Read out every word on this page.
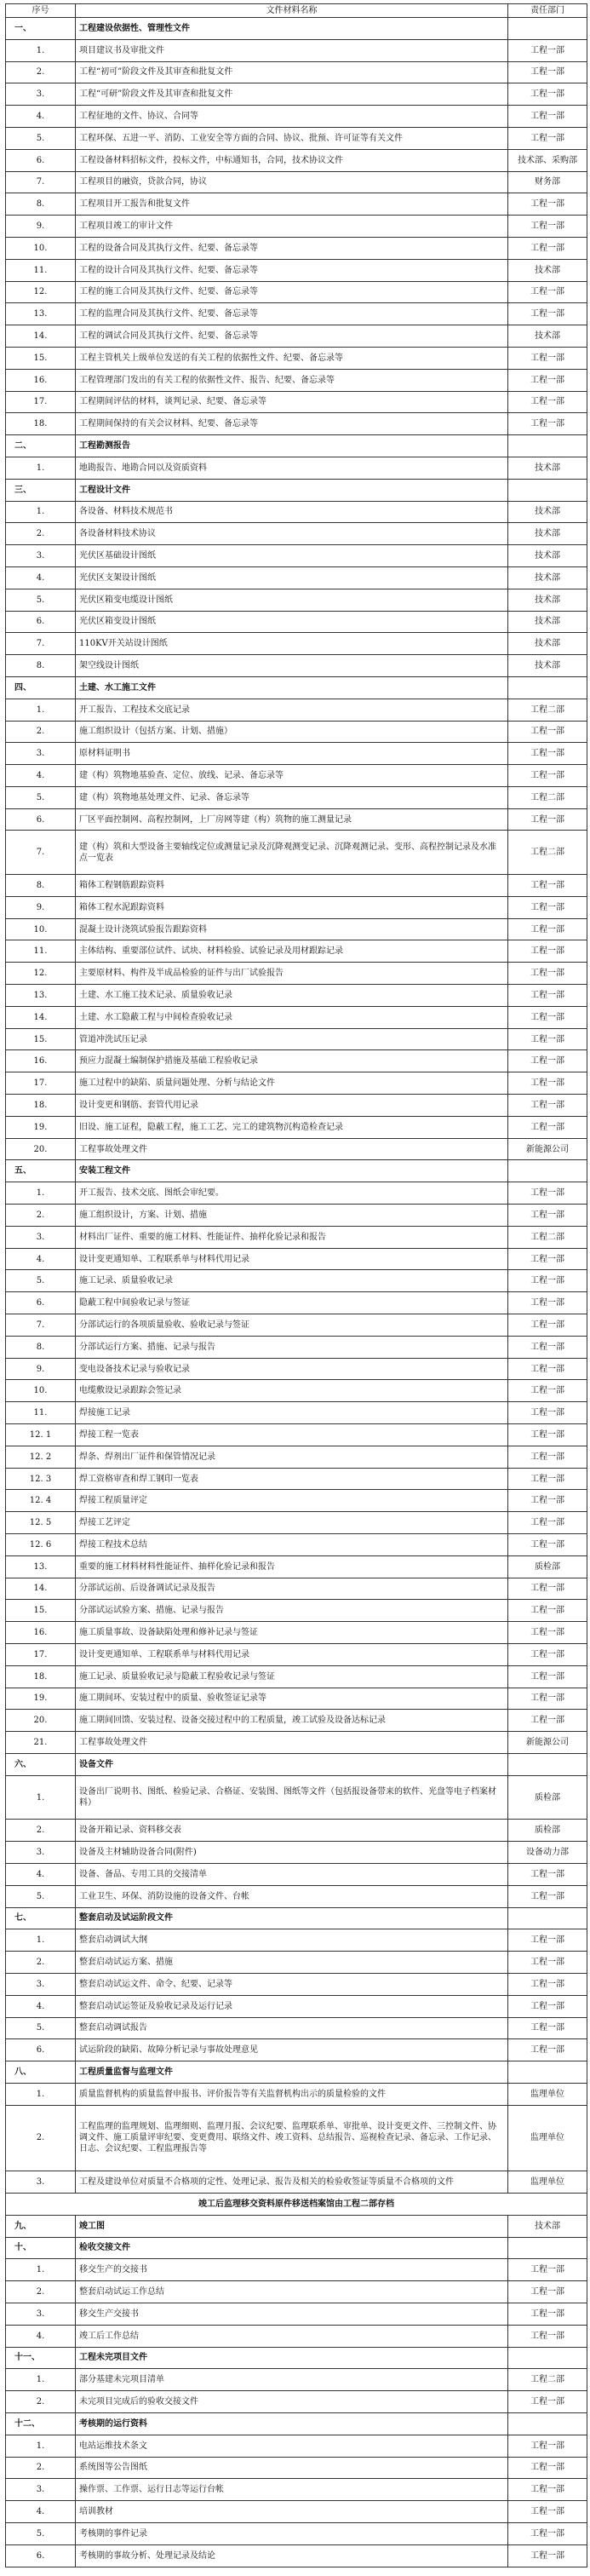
序号	文件材料名称	责任部门
一、	工程建设依据性、管理性文件	
1.	项目建议书及审批文件	工程一部
2.	工程“初可”阶段文件及其审查和批复文件	工程一部
3.	工程“可研”阶段文件及其审查和批复文件	工程一部
4.	工程征地的文件、协议、合同等	工程一部
5.	工程环保、五进一平、消防、工业安全等方面的合同、协议、批预、许可证等有关文件	工程一部
6.	工程设备材料招标文件，投标文件，中标通知书，合同，技术协议文件	技术部、采购部
7.	工程项目的融资，贷款合同，协议	财务部
8.	工程项目开工报告和批复文件	工程一部
9.	工程项目竣工的审计文件	工程一部
10.	工程的设备合同及其执行文件、纪要、备忘录等	工程一部
11.	工程的设计合同及其执行文件、纪要、备忘录等	技术部
12.	工程的施工合同及其执行文件、纪要、备忘录等	工程一部
13.	工程的监理合同及其执行文件、纪要、备忘录等	工程一部
14.	工程的调试合同及其执行文件、纪要、备忘录等	技术部
15.	工程主管机关上级单位发送的有关工程的依据性文件、纪要、备忘录等	工程一部
16.	工程管理部门发出的有关工程的依据性文件、报告、纪要、备忘录等	工程一部
17.	工程期间评估的材料，谈判记录、纪要、备忘录等	工程一部
18.	工程期间保持的有关会议材料、纪要、备忘录等	工程一部
二、	工程勘测报告	
1.	地勘报告、地勘合同以及资质资料	技术部
三、	工程设计文件	
1.	各设备、材料技术规范书	技术部
2.	各设备材料技术协议	技术部
3.	光伏区基础设计图纸	技术部
4.	光伏区支架设计图纸	技术部
5.	光伏区箱变电缆设计图纸	技术部
6.	光伏区箱变设计图纸	技术部
7.	110KV开关站设计图纸	技术部
8.	架空线设计图纸	技术部
四、	土建、水工施工文件	
1.	开工报告、工程技术交底记录	工程二部
2.	施工组织设计（包括方案、计划、措施）	工程一部
3.	原材料证明书	工程一部
4.	建（构）筑物地基验查、定位、放线、记录、备忘录等	工程一部
5.	建（构）筑物地基处理文件、记录、备忘录等	工程二部
6.	厂区平面控制网、高程控制网，上厂房网等建（构）筑物的施工测量记录	工程一部
7.	建（构）筑和大型设备主要轴线定位或测量记录及沉降观测变记录、沉降观测记录、变形、高程控制记录及水准点一览表	工程二部
8.	箱体工程钢筋跟踪资料	工程一部
9.	箱体工程水泥跟踪资料	工程一部
10.	混凝土设计浇筑试验报告跟踪资料	工程一部
11.	主体结构、重要部位试件、试块、材料检验、试验记录及用材跟踪记录	工程一部
12.	主要原材料、构件及半成品检验的证件与出厂试验报告	工程一部
13.	土建、水工施工技术记录、质量验收记录	工程一部
14.	土建、水工隐蔽工程与中间检查验收记录	工程一部
15.	管道冲洗试压记录	工程一部
16.	预应力混凝土编制保护措施及基础工程验收记录	工程一部
17.	施工过程中的缺陷、质量问题处理、分析与结论文件	工程一部
18.	设计变更和钢筋、套管代用记录	工程一部
19.	旧设、施工证程，隐蔽工程，施工工艺、完工的建筑物沉构造检查记录	工程一部
20.	工程事故处理文件	新能源公司
五、	安装工程文件	
1.	开工报告、技术交底、图纸会审纪要。	工程一部
2.	施工组织设计，方案、计划、措施	工程一部
3.	材料出厂证件、重要的施工材料、性能证件、抽样化验记录和报告	工程二部
4.	设计变更通知单、工程联系单与材料代用记录	工程一部
5.	施工记录、质量验收记录	工程一部
6.	隐蔽工程中间验收记录与签证	工程一部
7.	分部试运行的各项质量验收、验收记录与签证	工程一部
8.	分部试运行方案、措施、记录与报告	工程一部
9.	变电设备技术记录与验收记录	工程一部
10.	电缆敷设记录跟踪会签记录	工程一部
11.	焊接施工记录	工程一部
12. 1	焊接工程一览表	工程一部
12. 2	焊条、焊剂出厂证件和保管情况记录	工程一部
12. 3	焊工资格审查和焊工钢印一览表	工程一部
12. 4	焊接工程质量评定	工程一部
12. 5	焊接工艺评定	工程一部
12. 6	焊接工程技术总结	工程一部
13.	重要的施工材料材料性能证件、抽样化验记录和报告	质检部
14.	分部试运前、后设备调试记录及报告	工程一部
15.	分部试运试验方案、措施、记录与报告	工程一部
16.	施工质量事故、设备缺陷处理和修补记录与签证	工程一部
17.	设计变更通知单、工程联系单与材料代用记录	工程一部
18.	施工记录、质量验收记录与隐蔽工程验收记录与签证	工程一部
19.	施工期间环、安装过程中的质量、验收签证记录等	工程一部
20.	施工期间回馈、安装过程、设备交接过程中的工程质量，竣工试验及设备达标记录	工程一部
21.	工程事故处理文件	新能源公司
六、	设备文件	
1.	设备出厂说明书、图纸、检验记录、合格证、安装图、图纸等文件（包括报设备带来的软件、光盘等电子档案材料）	质检部
2.	设备开箱记录、资料移交表	质检部
3.	设备及主材辅助设备合同(附件)	设备动力部
4.	设备、备品、专用工具的交接清单	工程一部
5.	工业卫生、环保、消防设施的设备文件、台帐	工程一部
七、	整套启动及试运阶段文件	
1.	整套启动调试大纲	工程一部
2.	整套启动试运方案、措施	工程一部
3.	整套启动试运文件、命令、纪要、记录等	工程一部
4.	整套启动试运签证及验收记录及运行记录	工程一部
5.	整套启动调试报告	工程一部
6.	试运阶段的缺陷、故障分析记录与事故处理意见	工程一部
八、	工程质量监督与监理文件	
1.	质量监督机构的质量监督申报书、评价报告等有关监督机构出示的质量检验的文件	监理单位
2.	工程监理的监理规划、监理细则、监理月报、会议纪要、监理联系单、审批单、设计变更文件、三控制文件、协调文件、施工质量评审纪要、变更费用、联络文件、竣工资料、总结报告、巡视检查记录、备忘录、工作记录、日志、会议纪要、工程监理报告等	监理单位
3.	工程及建设单位对质量不合格项的定性、处理记录、报告及相关的检验收签证等质量不合格项的文件	监理单位
竣工后监理移交资料原件移送档案馆由工程二部存档		
九、	竣工图	技术部
十、	检收交接文件	
1.	移交生产的交接书	工程一部
2.	整套启动试运工作总结	工程一部
3.	移交生产交接书	工程一部
4.	竣工后工作总结	工程一部
十一、	工程未完项目文件	
1.	部分基建未完项目清单	工程二部
2.	未完项目完成后的验收交接文件	工程一部
十二、	考核期的运行资料	
1.	电站运维技术条文	工程一部
2.	系统图等公告图纸	工程一部
3.	操作票、工作票、运行日志等运行台帐	工程一部
4.	培训教材	工程一部
5.	考核期的事件记录	工程一部
6.	考核期的事故分析、处理记录及结论	工程一部
